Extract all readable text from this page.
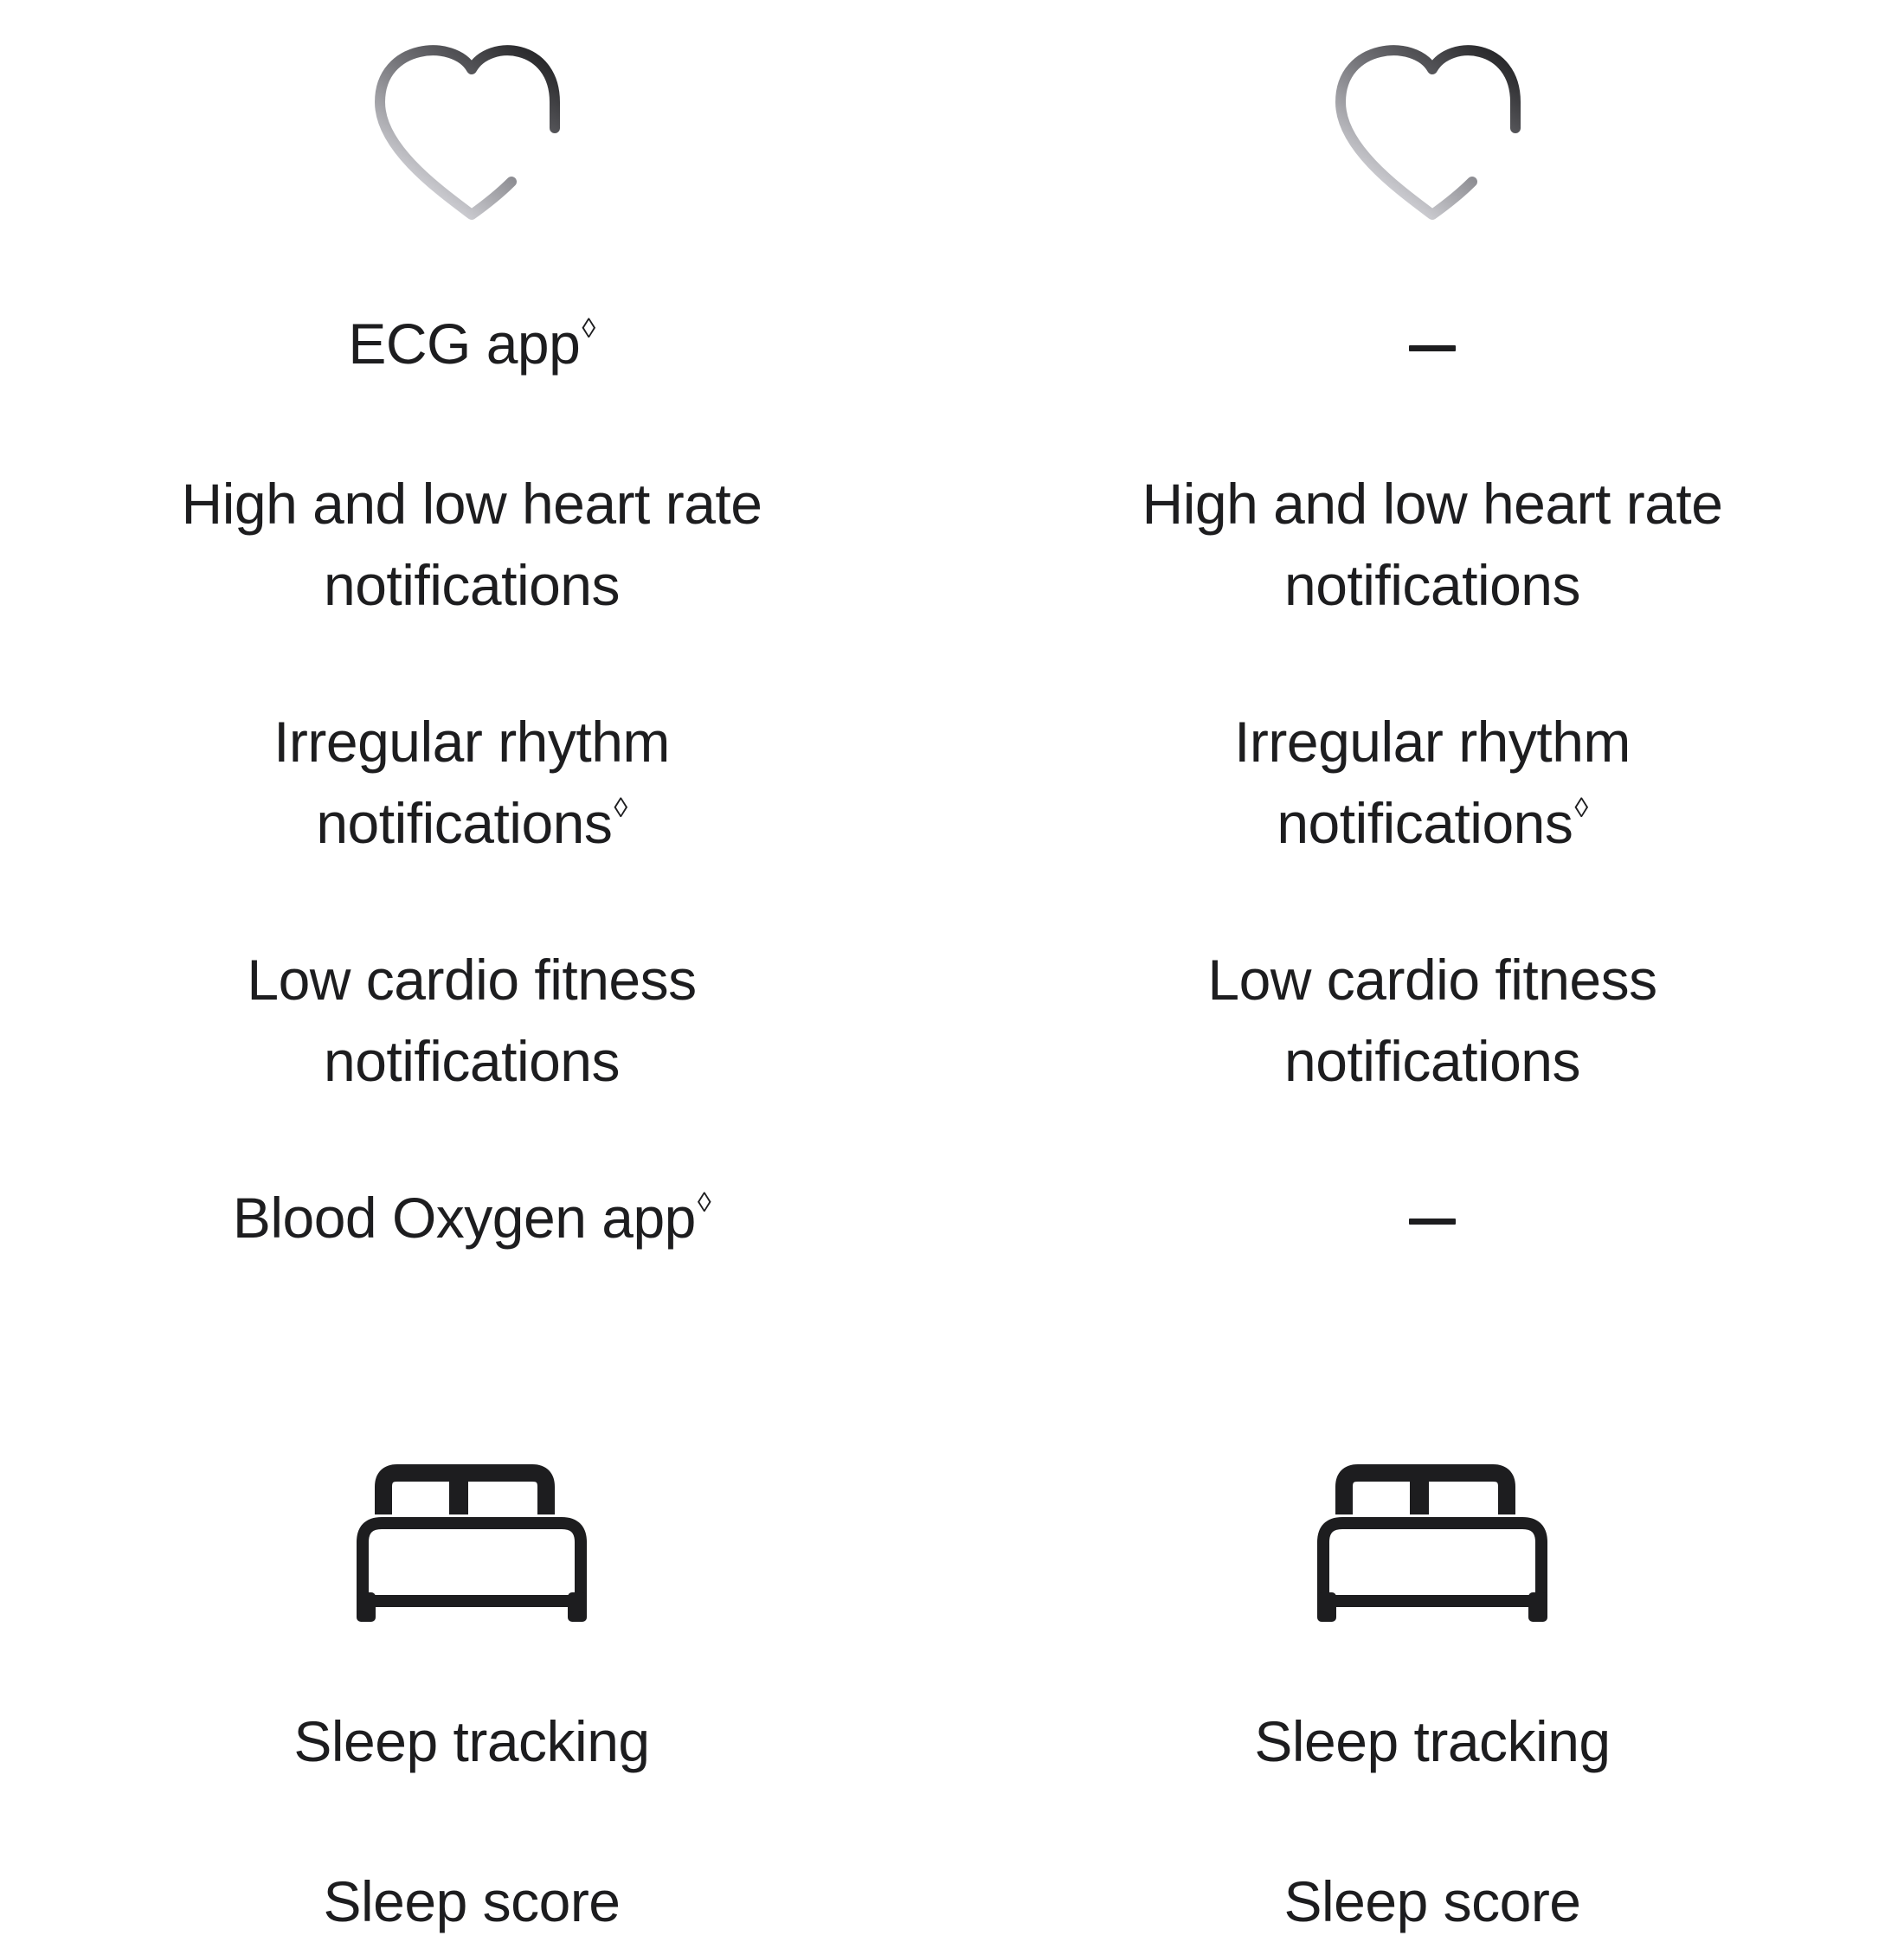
ECG app◊
High and low heart rate
notifications
Irregular rhythm
notifications◊
Low cardio fitness
notifications
Blood Oxygen app◊
Sleep tracking
Sleep score
High and low heart rate
notifications
Irregular rhythm
notifications◊
Low cardio fitness
notifications
Sleep tracking
Sleep score
